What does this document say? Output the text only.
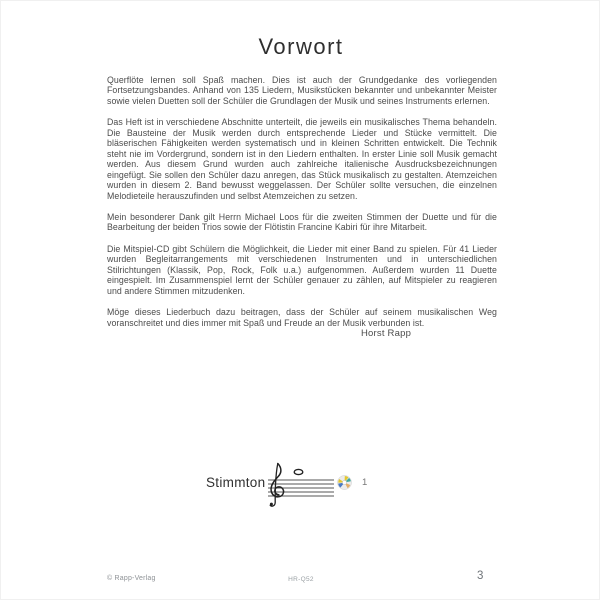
Vorwort

Querflöte lernen soll Spaß machen. Dies ist auch der Grundgedanke des vorliegenden Fortsetzungsbandes. Anhand von 135 Liedern, Musikstücken bekannter und unbekannter Meister sowie vielen Duetten soll der Schüler die Grundlagen der Musik und seines Instruments erlernen.

Das Heft ist in verschiedene Abschnitte unterteilt, die jeweils ein musikalisches Thema behandeln. Die Bausteine der Musik werden durch entsprechende Lieder und Stücke vermittelt. Die bläserischen Fähigkeiten werden systematisch und in kleinen Schritten entwickelt. Die Technik steht nie im Vordergrund, sondern ist in den Liedern enthalten. In erster Linie soll Musik gemacht werden. Aus diesem Grund wurden auch zahlreiche italienische Ausdrucksbezeichnungen eingefügt. Sie sollen den Schüler dazu anregen, das Stück musikalisch zu gestalten. Atemzeichen wurden in diesem 2. Band bewusst weggelassen. Der Schüler sollte versuchen, die einzelnen Melodieteile herauszufinden und selbst Atemzeichen zu setzen.

Mein besonderer Dank gilt Herrn Michael Loos für die zweiten Stimmen der Duette und für die Bearbeitung der beiden Trios sowie der Flötistin Francine Kabiri für ihre Mitarbeit.

Die Mitspiel-CD gibt Schülern die Möglichkeit, die Lieder mit einer Band zu spielen. Für 41 Lieder wurden Begleitarrangements mit verschiedenen Instrumenten und in unterschiedlichen Stilrichtungen (Klassik, Pop, Rock, Folk u.a.) aufgenommen. Außerdem wurden 11 Duette eingespielt. Im Zusammenspiel lernt der Schüler genauer zu zählen, auf Mitspieler zu reagieren und andere Stimmen mitzudenken.

Möge dieses Liederbuch dazu beitragen, dass der Schüler auf seinem musikalischen Weg voranschreitet und dies immer mit Spaß und Freude an der Musik verbunden ist.

Horst Rapp
Stimmton	1
© Rapp-Verlag	HR-Q52	3
